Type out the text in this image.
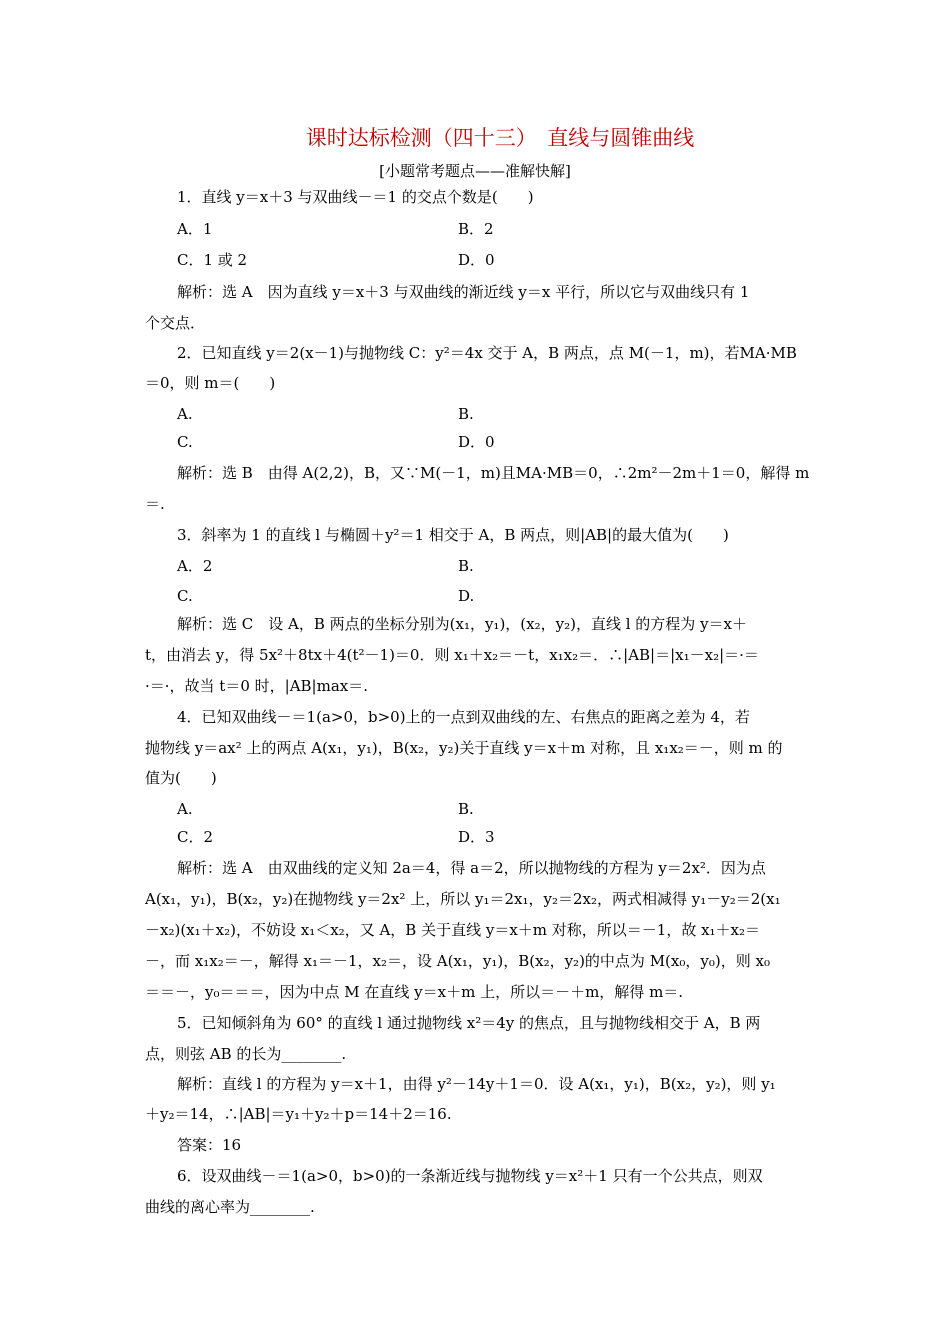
课时达标检测（四十三）　直线与圆锥曲线
[小题常考题点——准解快解]
1．直线 y＝x＋3 与双曲线－＝1 的交点个数是(　　)
A．1	B．2
C．1 或 2	D．0
解析：选 A　因为直线 y＝x＋3 与双曲线的渐近线 y＝x 平行，所以它与双曲线只有 1
个交点．
2．已知直线 y＝2(x－1)与抛物线 C：y²＝4x 交于 A，B 两点，点 M(－1，m)，若MA·MB
＝0，则 m＝(　　)
A.	B.
C.	D．0
解析：选 B　由得 A(2,2)，B，又∵M(－1，m)且MA·MB＝0，∴2m²－2m＋1＝0，解得 m
＝.
3．斜率为 1 的直线 l 与椭圆＋y²＝1 相交于 A，B 两点，则|AB|的最大值为(　　)
A．2	B.
C.	D.
解析：选 C　设 A，B 两点的坐标分别为(x₁，y₁)，(x₂，y₂)，直线 l 的方程为 y＝x＋
t，由消去 y，得 5x²＋8tx＋4(t²－1)＝0．则 x₁＋x₂＝－t，x₁x₂＝．∴|AB|＝|x₁－x₂|＝·＝
·＝·，故当 t＝0 时，|AB|max＝.
4．已知双曲线－＝1(a>0，b>0)上的一点到双曲线的左、右焦点的距离之差为 4，若
抛物线 y＝ax² 上的两点 A(x₁，y₁)，B(x₂，y₂)关于直线 y＝x＋m 对称，且 x₁x₂＝－，则 m 的
值为(　　)
A.	B.
C．2	D．3
解析：选 A　由双曲线的定义知 2a＝4，得 a＝2，所以抛物线的方程为 y＝2x²．因为点
A(x₁，y₁)，B(x₂，y₂)在抛物线 y＝2x² 上，所以 y₁＝2x₁，y₂＝2x₂，两式相减得 y₁－y₂＝2(x₁
－x₂)(x₁＋x₂)，不妨设 x₁＜x₂，又 A，B 关于直线 y＝x＋m 对称，所以＝－1，故 x₁＋x₂＝
－，而 x₁x₂＝－，解得 x₁＝－1，x₂＝，设 A(x₁，y₁)，B(x₂，y₂)的中点为 M(x₀，y₀)，则 x₀
＝＝－，y₀＝＝＝，因为中点 M 在直线 y＝x＋m 上，所以＝－＋m，解得 m＝.
5．已知倾斜角为 60° 的直线 l 通过抛物线 x²＝4y 的焦点，且与抛物线相交于 A，B 两
点，则弦 AB 的长为________.
解析：直线 l 的方程为 y＝x＋1，由得 y²－14y＋1＝0．设 A(x₁，y₁)，B(x₂，y₂)，则 y₁
＋y₂＝14，∴|AB|＝y₁＋y₂＋p＝14＋2＝16.
答案：16
6．设双曲线－＝1(a>0，b>0)的一条渐近线与抛物线 y＝x²＋1 只有一个公共点，则双
曲线的离心率为________.
